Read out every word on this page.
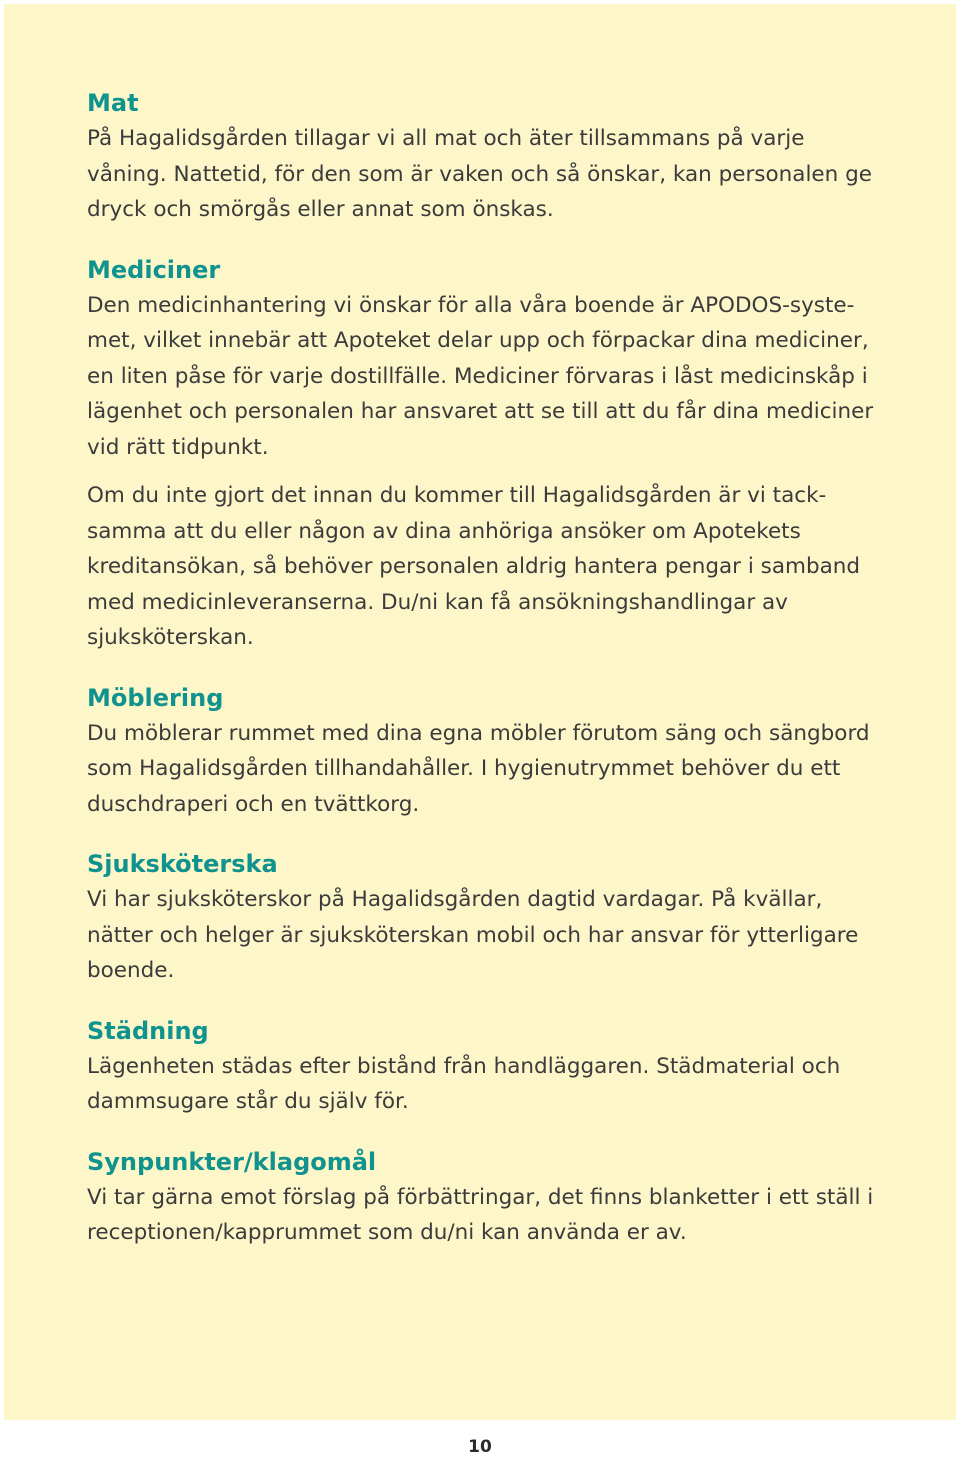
Mat

På Hagalidsgården tillagar vi all mat och äter tillsammans på varje
våning. Nattetid, för den som är vaken och så önskar, kan personalen ge
dryck och smörgås eller annat som önskas.

Mediciner

Den medicinhantering vi önskar för alla våra boende är APODOS-syste-
met, vilket innebär att Apoteket delar upp och förpackar dina mediciner,
en liten påse för varje dostillfälle. Mediciner förvaras i låst medicinskåp i
lägenhet och personalen har ansvaret att se till att du får dina mediciner
vid rätt tidpunkt.

Om du inte gjort det innan du kommer till Hagalidsgården är vi tack-
samma att du eller någon av dina anhöriga ansöker om Apotekets
kreditansökan, så behöver personalen aldrig hantera pengar i samband
med medicinleveranserna. Du/ni kan få ansökningshandlingar av
sjuksköterskan.

Möblering

Du möblerar rummet med dina egna möbler förutom säng och sängbord
som Hagalidsgården tillhandahåller. I hygienutrymmet behöver du ett
duschdraperi och en tvättkorg.

Sjuksköterska

Vi har sjuksköterskor på Hagalidsgården dagtid vardagar. På kvällar,
nätter och helger är sjuksköterskan mobil och har ansvar för ytterligare
boende.

Städning

Lägenheten städas efter bistånd från handläggaren. Städmaterial och
dammsugare står du själv för.

Synpunkter/klagomål

Vi tar gärna emot förslag på förbättringar, det finns blanketter i ett ställ i
receptionen/kapprummet som du/ni kan använda er av.

10
